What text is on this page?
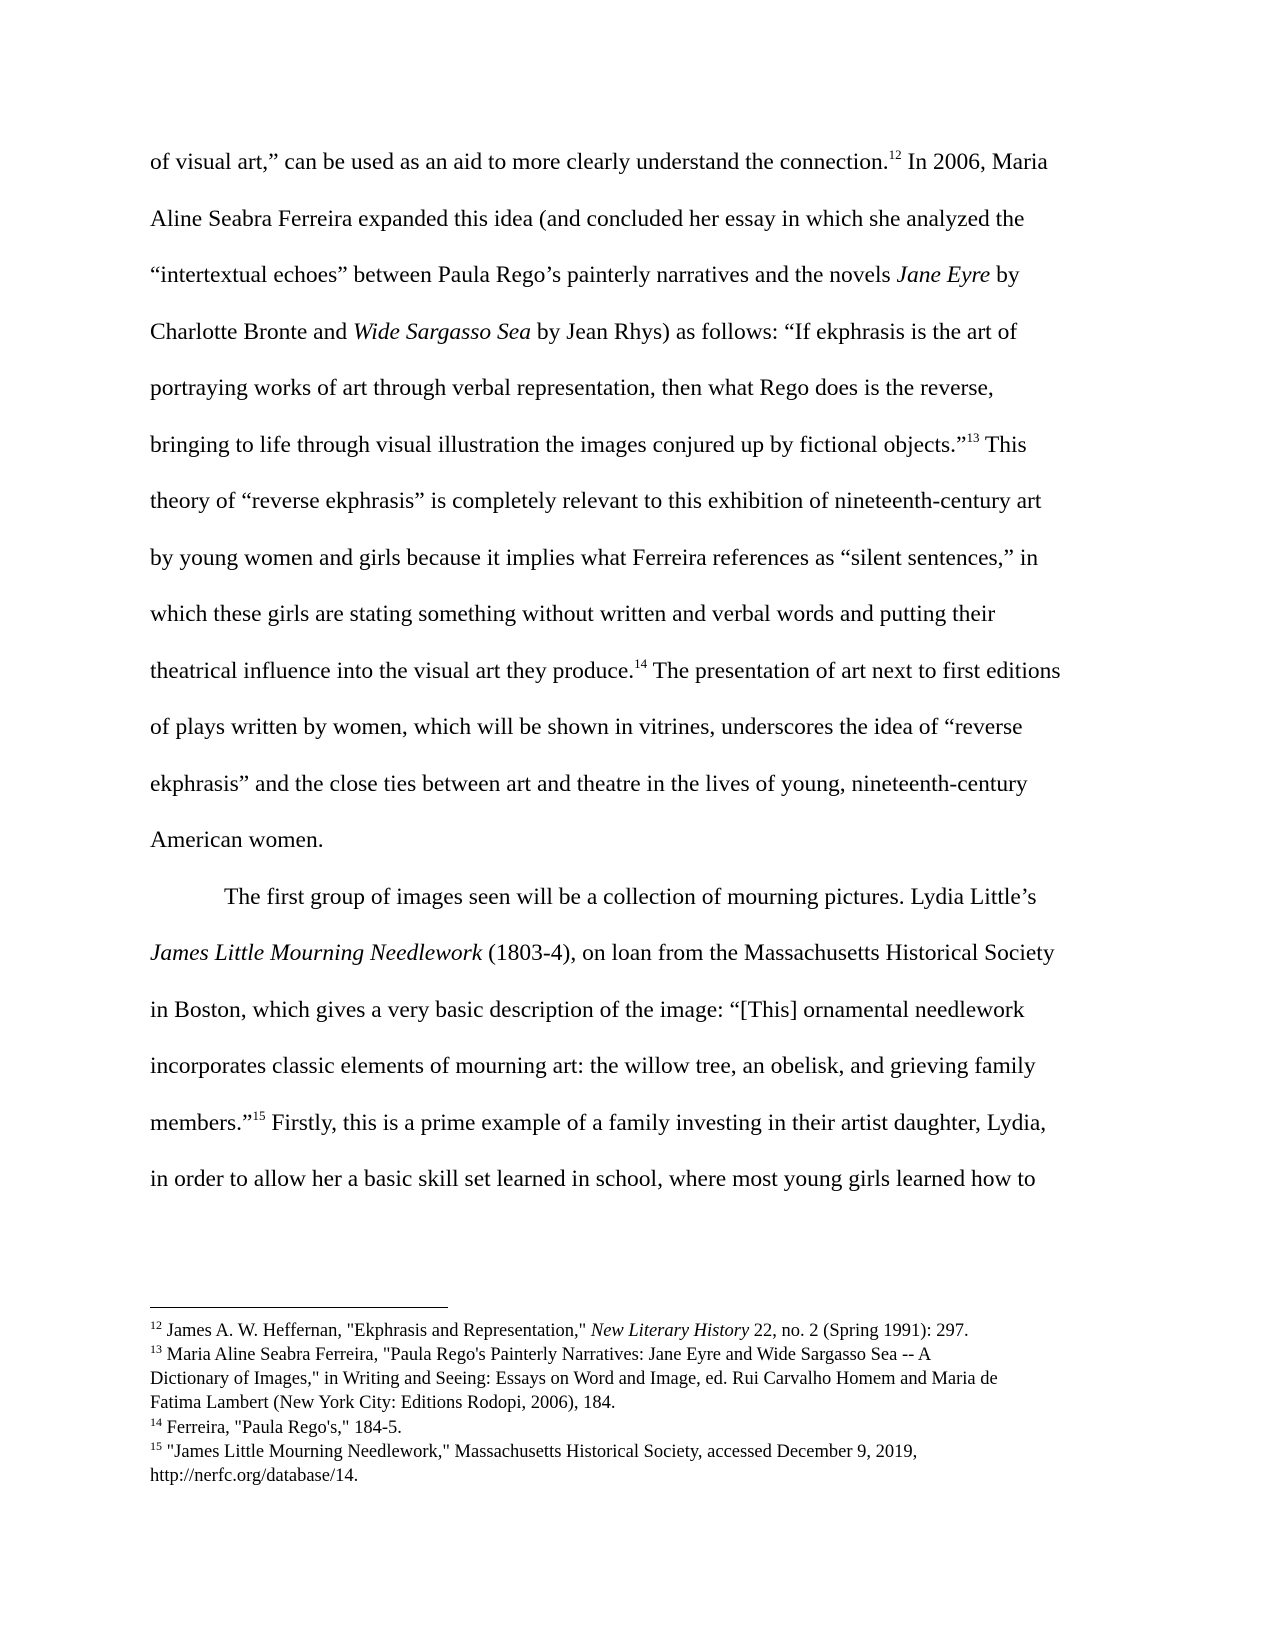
of visual art,” can be used as an aid to more clearly understand the connection.$^{12}$ In 2006, Maria
Aline Seabra Ferreira expanded this idea (and concluded her essay in which she analyzed the
“intertextual echoes” between Paula Rego’s painterly narratives and the novels Jane Eyre by
Charlotte Bronte and Wide Sargasso Sea by Jean Rhys) as follows: “If ekphrasis is the art of
portraying works of art through verbal representation, then what Rego does is the reverse,
bringing to life through visual illustration the images conjured up by fictional objects.”$^{13}$ This
theory of “reverse ekphrasis” is completely relevant to this exhibition of nineteenth-century art
by young women and girls because it implies what Ferreira references as “silent sentences,” in
which these girls are stating something without written and verbal words and putting their
theatrical influence into the visual art they produce.$^{14}$ The presentation of art next to first editions
of plays written by women, which will be shown in vitrines, underscores the idea of “reverse
ekphrasis” and the close ties between art and theatre in the lives of young, nineteenth-century
American women.
The first group of images seen will be a collection of mourning pictures. Lydia Little’s
James Little Mourning Needlework (1803-4), on loan from the Massachusetts Historical Society
in Boston, which gives a very basic description of the image: “[This] ornamental needlework
incorporates classic elements of mourning art: the willow tree, an obelisk, and grieving family
members.”$^{15}$ Firstly, this is a prime example of a family investing in their artist daughter, Lydia,
in order to allow her a basic skill set learned in school, where most young girls learned how to
$^{12}$ James A. W. Heffernan, "Ekphrasis and Representation," New Literary History 22, no. 2 (Spring 1991): 297.
$^{13}$ Maria Aline Seabra Ferreira, "Paula Rego's Painterly Narratives: Jane Eyre and Wide Sargasso Sea -- A
Dictionary of Images," in Writing and Seeing: Essays on Word and Image, ed. Rui Carvalho Homem and Maria de
Fatima Lambert (New York City: Editions Rodopi, 2006), 184.
$^{14}$ Ferreira, "Paula Rego's," 184-5.
$^{15}$ "James Little Mourning Needlework," Massachusetts Historical Society, accessed December 9, 2019,
http://nerfc.org/database/14.
